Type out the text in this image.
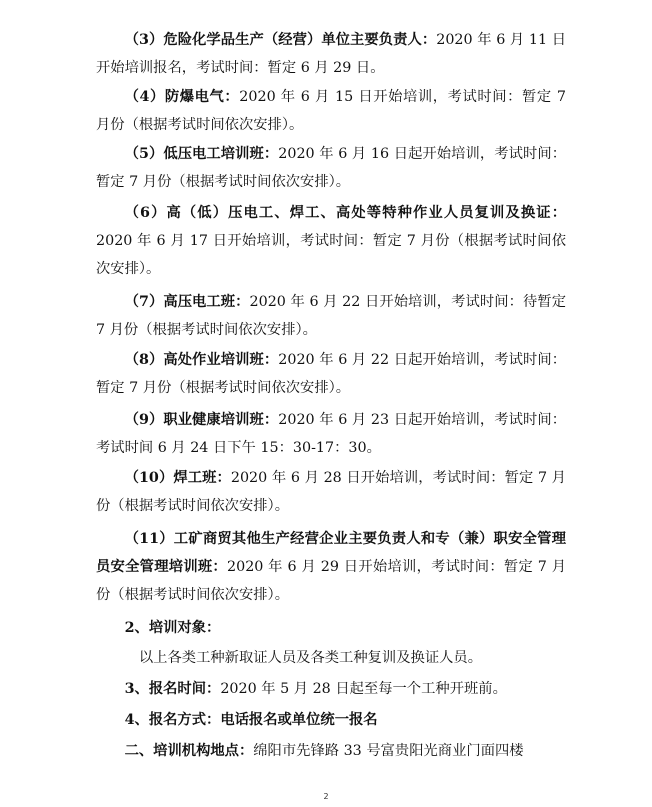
（3）危险化学品生产（经营）单位主要负责人：2020 年 6 月 11 日开始培训报名，考试时间：暂定 6 月 29 日。

（4）防爆电气：2020 年 6 月 15 日开始培训，考试时间：暂定 7 月份（根据考试时间依次安排）。

（5）低压电工培训班：2020 年 6 月 16 日起开始培训，考试时间：暂定 7 月份（根据考试时间依次安排）。

（6）高（低）压电工、焊工、高处等特种作业人员复训及换证：2020 年 6 月 17 日开始培训，考试时间：暂定 7 月份（根据考试时间依次安排）。

（7）高压电工班：2020 年 6 月 22 日开始培训，考试时间：待暂定 7 月份（根据考试时间依次安排）。

（8）高处作业培训班：2020 年 6 月 22 日起开始培训，考试时间：暂定 7 月份（根据考试时间依次安排）。

（9）职业健康培训班：2020 年 6 月 23 日起开始培训，考试时间：考试时间 6 月 24 日下午 15：30-17：30。

（10）焊工班：2020 年 6 月 28 日开始培训，考试时间：暂定 7 月份（根据考试时间依次安排）。

（11）工矿商贸其他生产经营企业主要负责人和专（兼）职安全管理员安全管理培训班：2020 年 6 月 29 日开始培训，考试时间：暂定 7 月份（根据考试时间依次安排）。

2、培训对象：

以上各类工种新取证人员及各类工种复训及换证人员。

3、报名时间：2020 年 5 月 28 日起至每一个工种开班前。

4、报名方式：电话报名或单位统一报名

二、培训机构地点：绵阳市先锋路 33 号富贵阳光商业门面四楼

2
